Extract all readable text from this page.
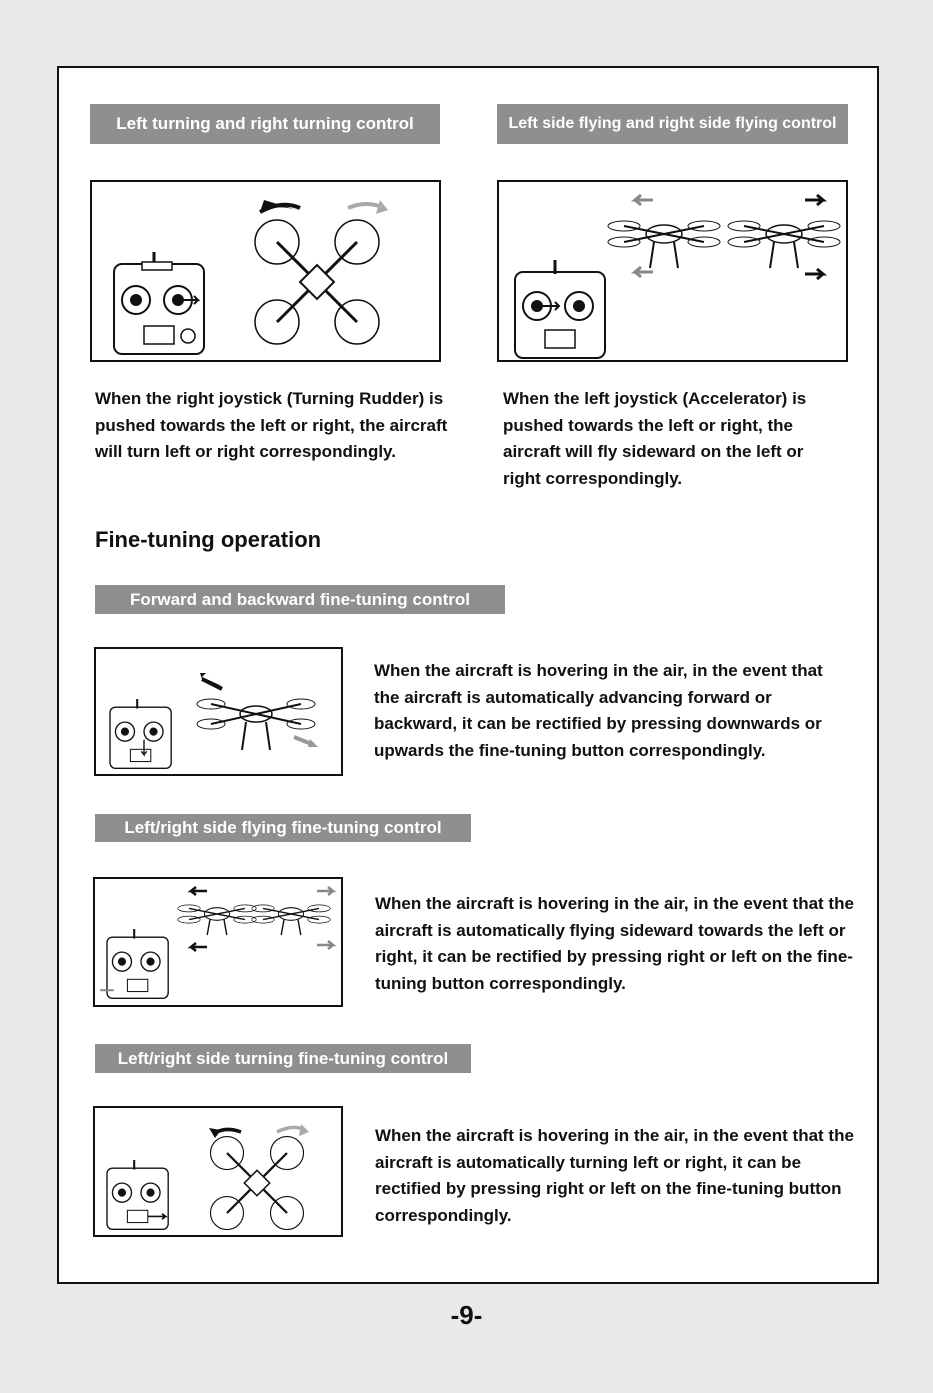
Left turning and right turning control
When the right joystick (Turning Rudder) is pushed towards the left or right, the aircraft will turn left or right correspondingly.
Left side flying and right side flying control
When the left joystick (Accelerator) is pushed towards the left or right, the aircraft will fly sideward on the left or right correspondingly.
Fine-tuning operation
Forward and backward fine-tuning control
When the aircraft is hovering in the air, in the event that the aircraft is automatically advancing forward or backward, it can be rectified by pressing downwards or upwards the fine-tuning button correspondingly.
Left/right side flying fine-tuning control
When the aircraft is hovering in the air, in the event that the aircraft is automatically flying sideward towards the left or right, it can be rectified by pressing right or left on the fine-tuning button correspondingly.
Left/right side turning fine-tuning control
When the aircraft is hovering in the air, in the event that the aircraft is automatically turning left or right, it can be rectified by pressing right or left on the fine-tuning button correspondingly.
-9-
